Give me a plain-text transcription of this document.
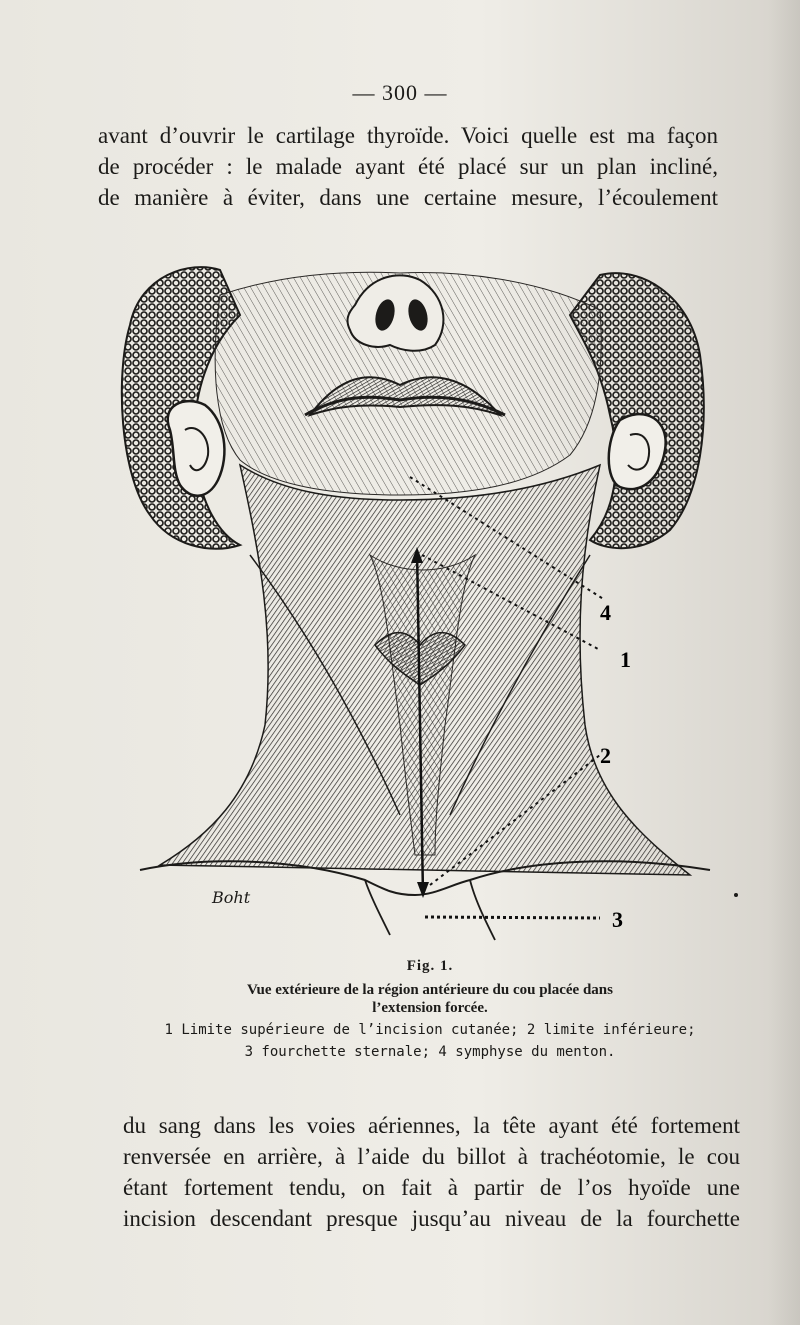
— 300 —
avant d’ouvrir le cartilage thyroïde. Voici quelle est ma façon
de procéder : le malade ayant été placé sur un plan incliné,
de manière à éviter, dans une certaine mesure, l’écoulement
4
1
2
3
Boht
Fig. 1.
Vue extérieure de la région antérieure du cou placée dans
l’extension forcée.
1 Limite supérieure de l’incision cutanée; 2 limite inférieure;
3 fourchette sternale; 4 symphyse du menton.
du sang dans les voies aériennes, la tête ayant été fortement
renversée en arrière, à l’aide du billot à trachéotomie, le cou
étant fortement tendu, on fait à partir de l’os hyoïde une
incision descendant presque jusqu’au niveau de la fourchette
